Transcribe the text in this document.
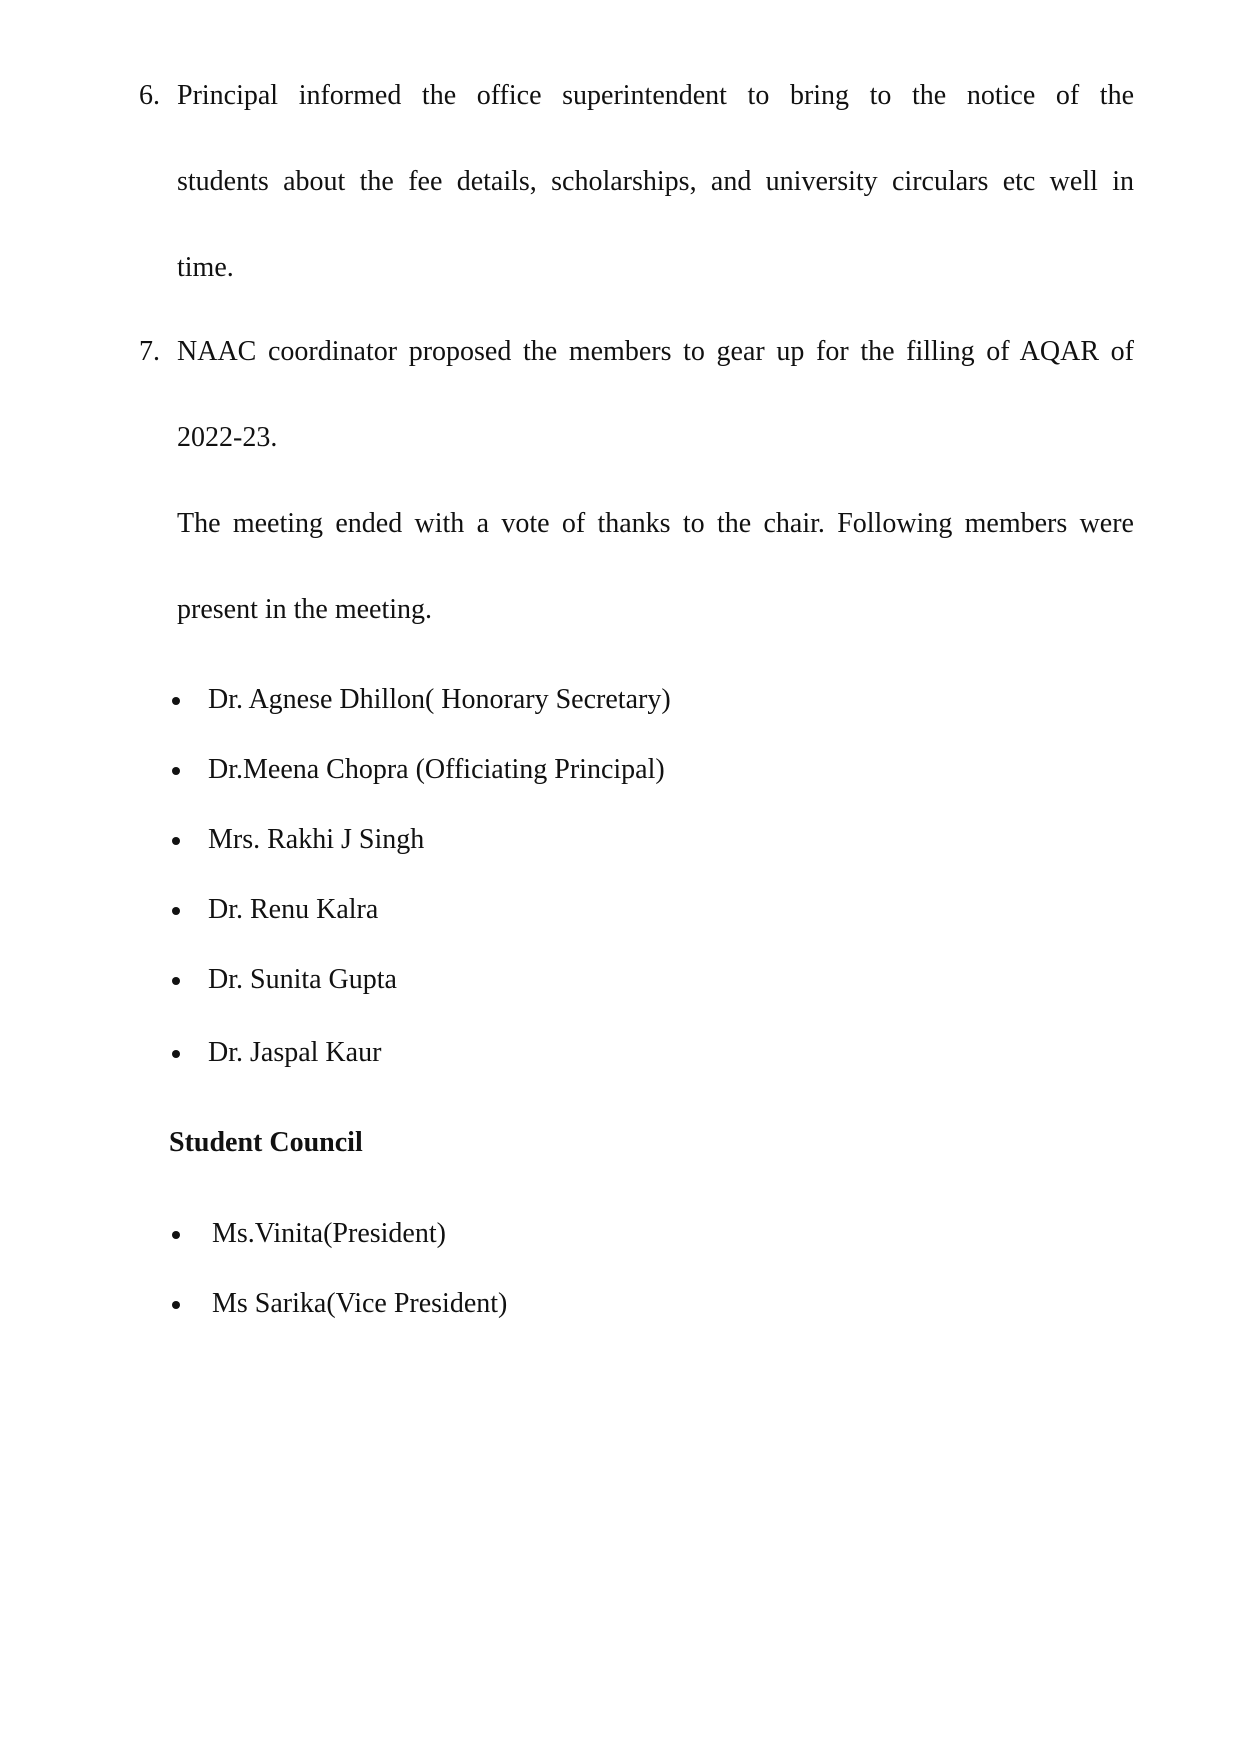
6. Principal informed the office superintendent to bring to the notice of the
students about the fee details, scholarships, and university circulars etc well in
time.
7. NAAC coordinator proposed the members to gear up for the filling of AQAR of
2022-23.
The meeting ended with a vote of thanks to the chair. Following members were
present in the meeting.
Dr. Agnese Dhillon( Honorary Secretary)
Dr.Meena Chopra (Officiating Principal)
Mrs. Rakhi J Singh
Dr. Renu Kalra
Dr. Sunita Gupta
Dr. Jaspal Kaur
Student Council
Ms.Vinita(President)
Ms Sarika(Vice President)
